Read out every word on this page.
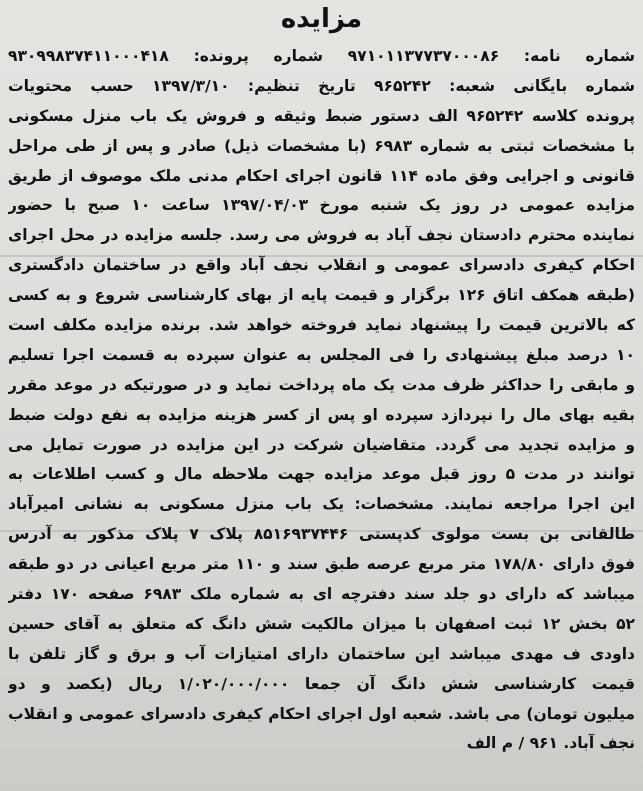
مزایده
شماره نامه: ۹۷۱۰۱۱۳۷۷۳۷۰۰۰۸۶ شماره پرونده: ۹۳۰۹۹۸۳۷۴۱۱۰۰۰۴۱۸
شماره بایگانی شعبه: ۹۶۵۲۴۲ تاریخ تنظیم: ۱۳۹۷/۳/۱۰ حسب محتویات
پرونده کلاسه ۹۶۵۲۴۲ الف دستور ضبط وثیقه و فروش یک باب منزل مسکونی
با مشخصات ثبتی به شماره ۶۹۸۳ (با مشخصات ذیل) صادر و پس از طی مراحل
قانونی و اجرایی وفق ماده ۱۱۴ قانون اجرای احکام مدنی ملک موصوف از طریق
مزایده عمومی در روز یک شنبه مورخ ۱۳۹۷/۰۴/۰۳ ساعت ۱۰ صبح با حضور
نماینده محترم دادستان نجف آباد به فروش می رسد. جلسه مزایده در محل اجرای
احکام کیفری دادسرای عمومی و انقلاب نجف آباد واقع در ساختمان دادگستری
(طبقه همکف اتاق ۱۲۶ برگزار و قیمت پایه از بهای کارشناسی شروع و به کسی
که بالاترین قیمت را پیشنهاد نماید فروخته خواهد شد. برنده مزایده مکلف است
۱۰ درصد مبلغ پیشنهادی را فی المجلس به عنوان سپرده به قسمت اجرا تسلیم
و مابقی را حداکثر ظرف مدت یک ماه پرداخت نماید و در صورتیکه در موعد مقرر
بقیه بهای مال را نپردازد سپرده او پس از کسر هزینه مزایده به نفع دولت ضبط
و مزایده تجدید می گردد. متقاضیان شرکت در این مزایده در صورت تمایل می
توانند در مدت ۵ روز قبل موعد مزایده جهت ملاحظه مال و کسب اطلاعات به
این اجرا مراجعه نمایند. مشخصات: یک باب منزل مسکونی به نشانی امیرآباد
طالقانی بن بست مولوی کدپستی ۸۵۱۶۹۳۷۴۴۶ پلاک ۷ پلاک مذکور به آدرس
فوق دارای ۱۷۸/۸۰ متر مربع عرصه طبق سند و ۱۱۰ متر مربع اعیانی در دو طبقه
میباشد که دارای دو جلد سند دفترچه ای به شماره ملک ۶۹۸۳ صفحه ۱۷۰ دفتر
۵۲ بخش ۱۲ ثبت اصفهان با میزان مالکیت شش دانگ که متعلق به آقای حسین
داودی ف مهدی میباشد این ساختمان دارای امتیازات آب و برق و گاز تلفن با
قیمت کارشناسی شش دانگ آن جمعا ۱/۰۲۰/۰۰۰/۰۰۰ ریال (یکصد و دو
میلیون تومان) می باشد. شعبه اول اجرای احکام کیفری دادسرای عمومی و انقلاب
نجف آباد. ۹۶۱ / م الف
